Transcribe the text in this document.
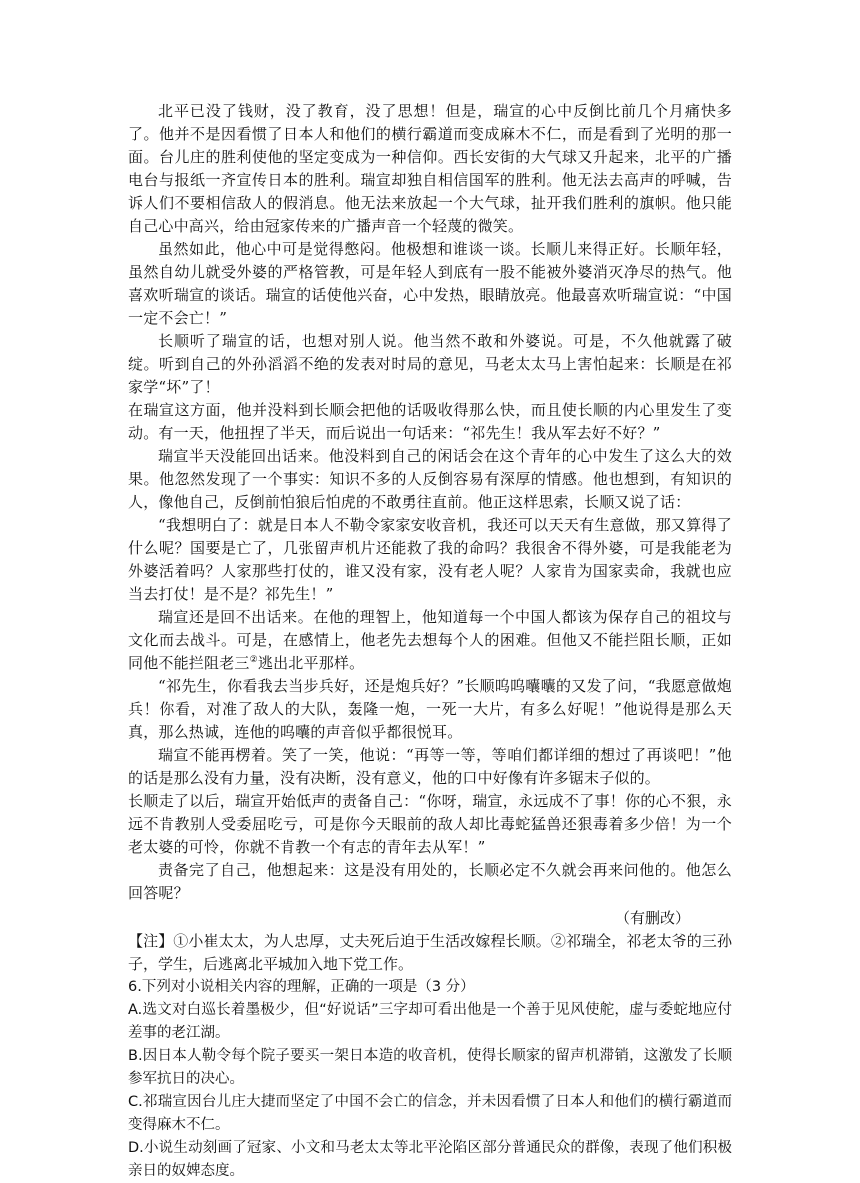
北平已没了钱财，没了教育，没了思想！但是，瑞宣的心中反倒比前几个月痛快多了。他并不是因看惯了日本人和他们的横行霸道而变成麻木不仁，而是看到了光明的那一面。台儿庄的胜利使他的坚定变成为一种信仰。西长安街的大气球又升起来，北平的广播电台与报纸一齐宣传日本的胜利。瑞宣却独自相信国军的胜利。他无法去高声的呼喊，告诉人们不要相信敌人的假消息。他无法来放起一个大气球，扯开我们胜利的旗帜。他只能自己心中高兴，给由冠家传来的广播声音一个轻蔑的微笑。

虽然如此，他心中可是觉得憋闷。他极想和谁谈一谈。长顺儿来得正好。长顺年轻，虽然自幼儿就受外婆的严格管教，可是年轻人到底有一股不能被外婆消灭净尽的热气。他喜欢听瑞宣的谈话。瑞宣的话使他兴奋，心中发热，眼睛放亮。他最喜欢听瑞宣说：“中国一定不会亡！”

长顺听了瑞宣的话，也想对别人说。他当然不敢和外婆说。可是，不久他就露了破绽。听到自己的外孙滔滔不绝的发表对时局的意见，马老太太马上害怕起来：长顺是在祁家学“坏”了！

在瑞宣这方面，他并没料到长顺会把他的话吸收得那么快，而且使长顺的内心里发生了变动。有一天，他扭捏了半天，而后说出一句话来：“祁先生！我从军去好不好？”

瑞宣半天没能回出话来。他没料到自己的闲话会在这个青年的心中发生了这么大的效果。他忽然发现了一个事实：知识不多的人反倒容易有深厚的情感。他也想到，有知识的人，像他自己，反倒前怕狼后怕虎的不敢勇往直前。他正这样思索，长顺又说了话：

“我想明白了：就是日本人不勒令家家安收音机，我还可以天天有生意做，那又算得了什么呢？国要是亡了，几张留声机片还能救了我的命吗？我很舍不得外婆，可是我能老为外婆活着吗？人家那些打仗的，谁又没有家，没有老人呢？人家肯为国家卖命，我就也应当去打仗！是不是？祁先生！”

瑞宣还是回不出话来。在他的理智上，他知道每一个中国人都该为保存自己的祖坟与文化而去战斗。可是，在感情上，他老先去想每个人的困难。但他又不能拦阻长顺，正如同他不能拦阻老三②逃出北平那样。

“祁先生，你看我去当步兵好，还是炮兵好？”长顺呜呜囔囔的又发了问，“我愿意做炮兵！你看，对准了敌人的大队，轰隆一炮，一死一大片，有多么好呢！”他说得是那么天真，那么热诚，连他的呜囔的声音似乎都很悦耳。

瑞宣不能再楞着。笑了一笑，他说：“再等一等，等咱们都详细的想过了再谈吧！”他的话是那么没有力量，没有决断，没有意义，他的口中好像有许多锯末子似的。

长顺走了以后，瑞宣开始低声的责备自己：“你呀，瑞宣，永远成不了事！你的心不狠，永远不肯教别人受委屈吃亏，可是你今天眼前的敌人却比毒蛇猛兽还狠毒着多少倍！为一个老太婆的可怜，你就不肯教一个有志的青年去从军！”

责备完了自己，他想起来：这是没有用处的，长顺必定不久就会再来问他的。他怎么回答呢？

（有删改）

【注】①小崔太太，为人忠厚，丈夫死后迫于生活改嫁程长顺。②祁瑞全，祁老太爷的三孙子，学生，后逃离北平城加入地下党工作。

6.下列对小说相关内容的理解，正确的一项是（3 分）

A.选文对白巡长着墨极少，但“好说话”三字却可看出他是一个善于见风使舵，虚与委蛇地应付差事的老江湖。

B.因日本人勒令每个院子要买一架日本造的收音机，使得长顺家的留声机滞销，这激发了长顺参军抗日的决心。

C.祁瑞宣因台儿庄大捷而坚定了中国不会亡的信念，并未因看惯了日本人和他们的横行霸道而变得麻木不仁。

D.小说生动刻画了冠家、小文和马老太太等北平沦陷区部分普通民众的群像，表现了他们积极亲日的奴婢态度。
